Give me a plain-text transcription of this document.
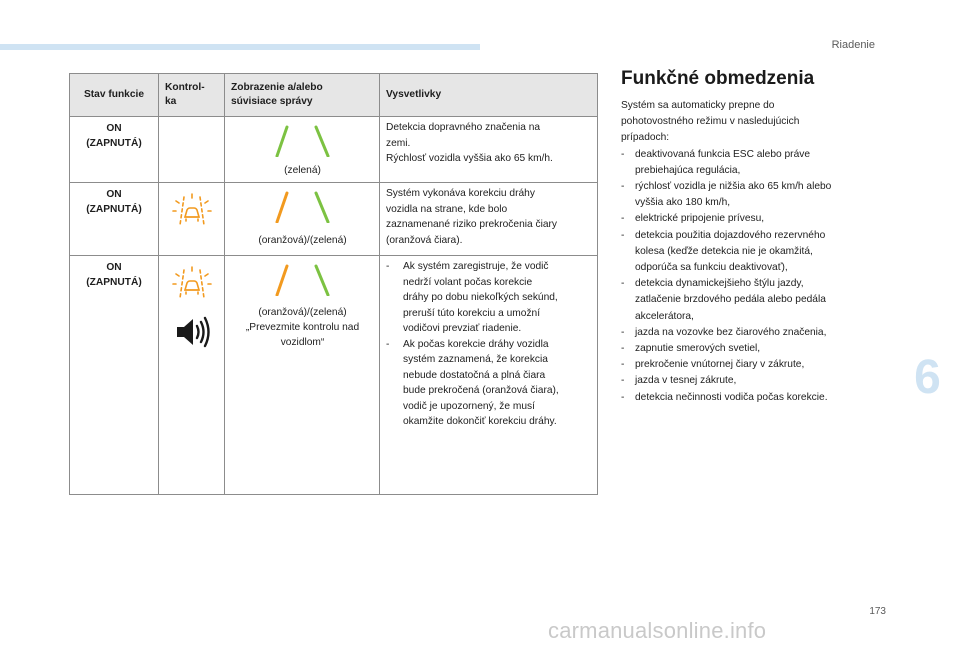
Riadenie
Stav funkcie
Kontrol-
ka
Zobrazenie a/alebo
súvisiace správy
Vysvetlivky
ON
(ZAPNUTÁ)
(zelená)
Detekcia dopravného značenia na
zemi.
Rýchlosť vozidla vyššia ako 65 km/h.
ON
(ZAPNUTÁ)
(oranžová)/(zelená)
Systém vykonáva korekciu dráhy
vozidla na strane, kde bolo
zaznamenané riziko prekročenia čiary
(oranžová čiara).
ON
(ZAPNUTÁ)
(oranžová)/(zelená)
„Prevezmite kontrolu nad
vozidlom“
- Ak systém zaregistruje, že vodič
nedrží volant počas korekcie
dráhy po dobu niekoľkých sekúnd,
preruší túto korekciu a umožní
vodičovi prevziať riadenie.
- Ak počas korekcie dráhy vozidla
systém zaznamená, že korekcia
nebude dostatočná a plná čiara
bude prekročená (oranžová čiara),
vodič je upozornený, že musí
okamžite dokončiť korekciu dráhy.
Funkčné obmedzenia
Systém sa automaticky prepne do
pohotovostného režimu v nasledujúcich
prípadoch:
- deaktivovaná funkcia ESC alebo práve
prebiehajúca regulácia,
- rýchlosť vozidla je nižšia ako 65 km/h alebo
vyššia ako 180 km/h,
- elektrické pripojenie prívesu,
- detekcia použitia dojazdového rezervného
kolesa (keďže detekcia nie je okamžitá,
odporúča sa funkciu deaktivovať),
- detekcia dynamickejšieho štýlu jazdy,
zatlačenie brzdového pedála alebo pedála
akcelerátora,
- jazda na vozovke bez čiarového značenia,
- zapnutie smerových svetiel,
- prekročenie vnútornej čiary v zákrute,
- jazda v tesnej zákrute,
- detekcia nečinnosti vodiča počas korekcie.	6
173
carmanualsonline.info
